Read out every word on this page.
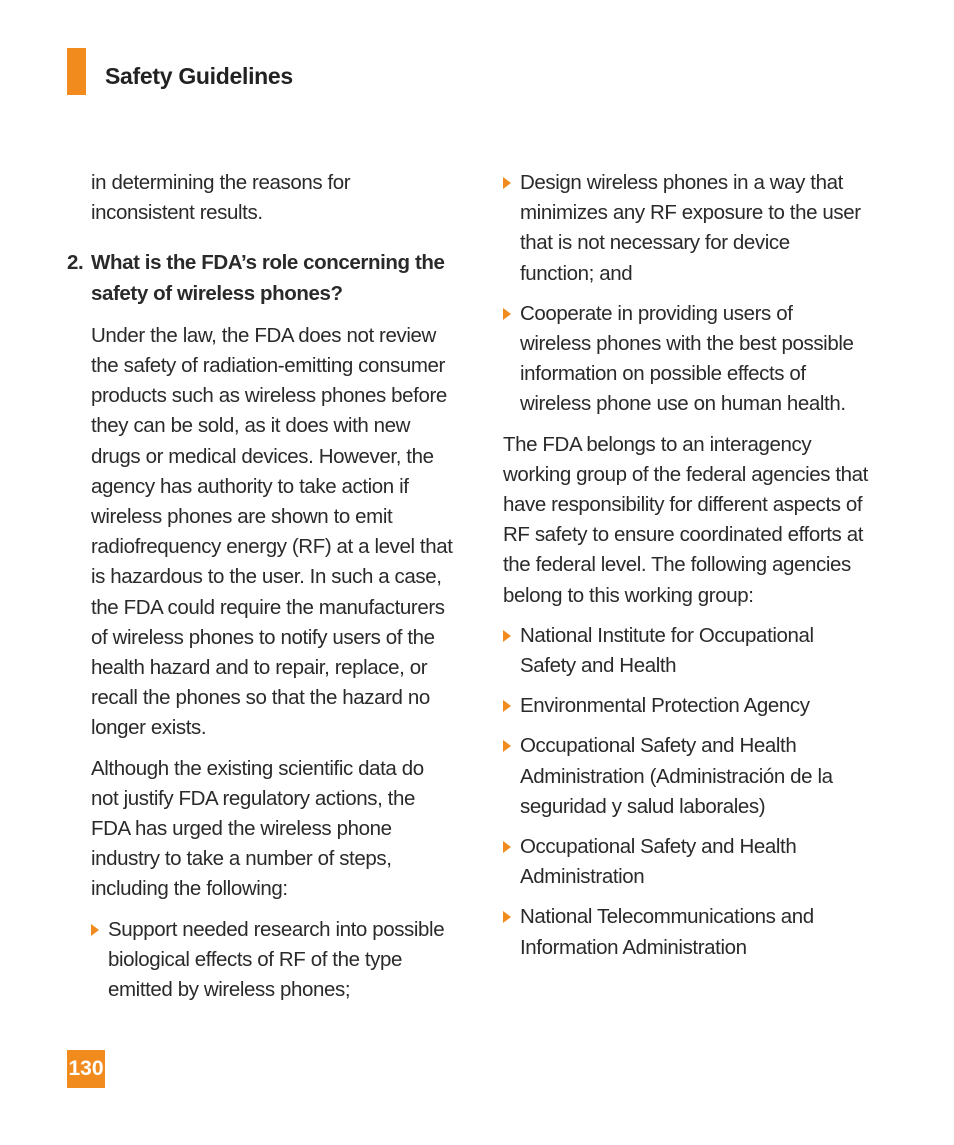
Safety Guidelines

in determining the reasons for inconsistent results.

2. What is the FDA’s role concerning the safety of wireless phones?

Under the law, the FDA does not review the safety of radiation-emitting consumer products such as wireless phones before they can be sold, as it does with new drugs or medical devices. However, the agency has authority to take action if wireless phones are shown to emit radiofrequency energy (RF) at a level that is hazardous to the user. In such a case, the FDA could require the manufacturers of wireless phones to notify users of the health hazard and to repair, replace, or recall the phones so that the hazard no longer exists.

Although the existing scientific data do not justify FDA regulatory actions, the FDA has urged the wireless phone industry to take a number of steps, including the following:

Support needed research into possible biological effects of RF of the type emitted by wireless phones;
Design wireless phones in a way that minimizes any RF exposure to the user that is not necessary for device function; and
Cooperate in providing users of wireless phones with the best possible information on possible effects of wireless phone use on human health.

The FDA belongs to an interagency working group of the federal agencies that have responsibility for different aspects of RF safety to ensure coordinated efforts at the federal level. The following agencies belong to this working group:

National Institute for Occupational Safety and Health
Environmental Protection Agency
Occupational Safety and Health Administration (Administración de la seguridad y salud laborales)
Occupational Safety and Health Administration
National Telecommunications and Information Administration
130
